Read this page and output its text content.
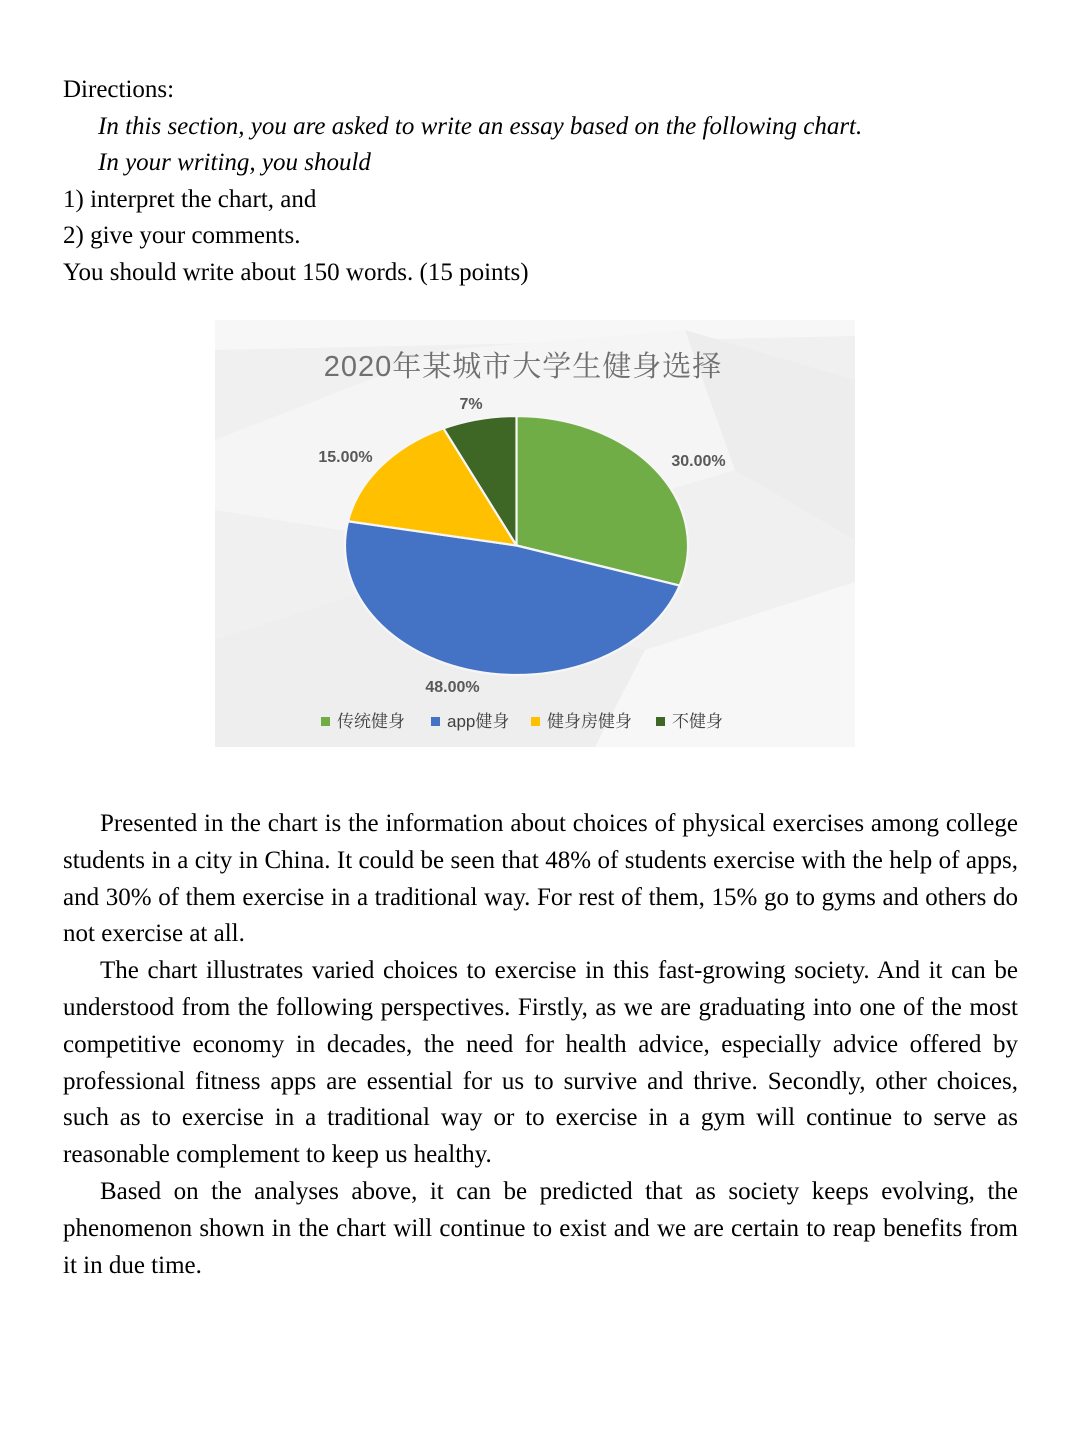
Directions:
In this section, you are asked to write an essay based on the following chart.
In your writing, you should
1) interpret the chart, and
2) give your comments.
You should write about 150 words. (15 points)
2020年某城市大学生健身选择
30.00%
48.00%
15.00%
7%
传统健身 app健身 健身房健身 不健身

Presented in the chart is the information about choices of physical exercises among college students in a city in China. It could be seen that 48% of students exercise with the help of apps, and 30% of them exercise in a traditional way. For rest of them, 15% go to gyms and others do not exercise at all.

The chart illustrates varied choices to exercise in this fast-growing society. And it can be understood from the following perspectives. Firstly, as we are graduating into one of the most competitive economy in decades, the need for health advice, especially advice offered by professional fitness apps are essential for us to survive and thrive. Secondly, other choices, such as to exercise in a traditional way or to exercise in a gym will continue to serve as reasonable complement to keep us healthy.

Based on the analyses above, it can be predicted that as society keeps evolving, the phenomenon shown in the chart will continue to exist and we are certain to reap benefits from it in due time.
